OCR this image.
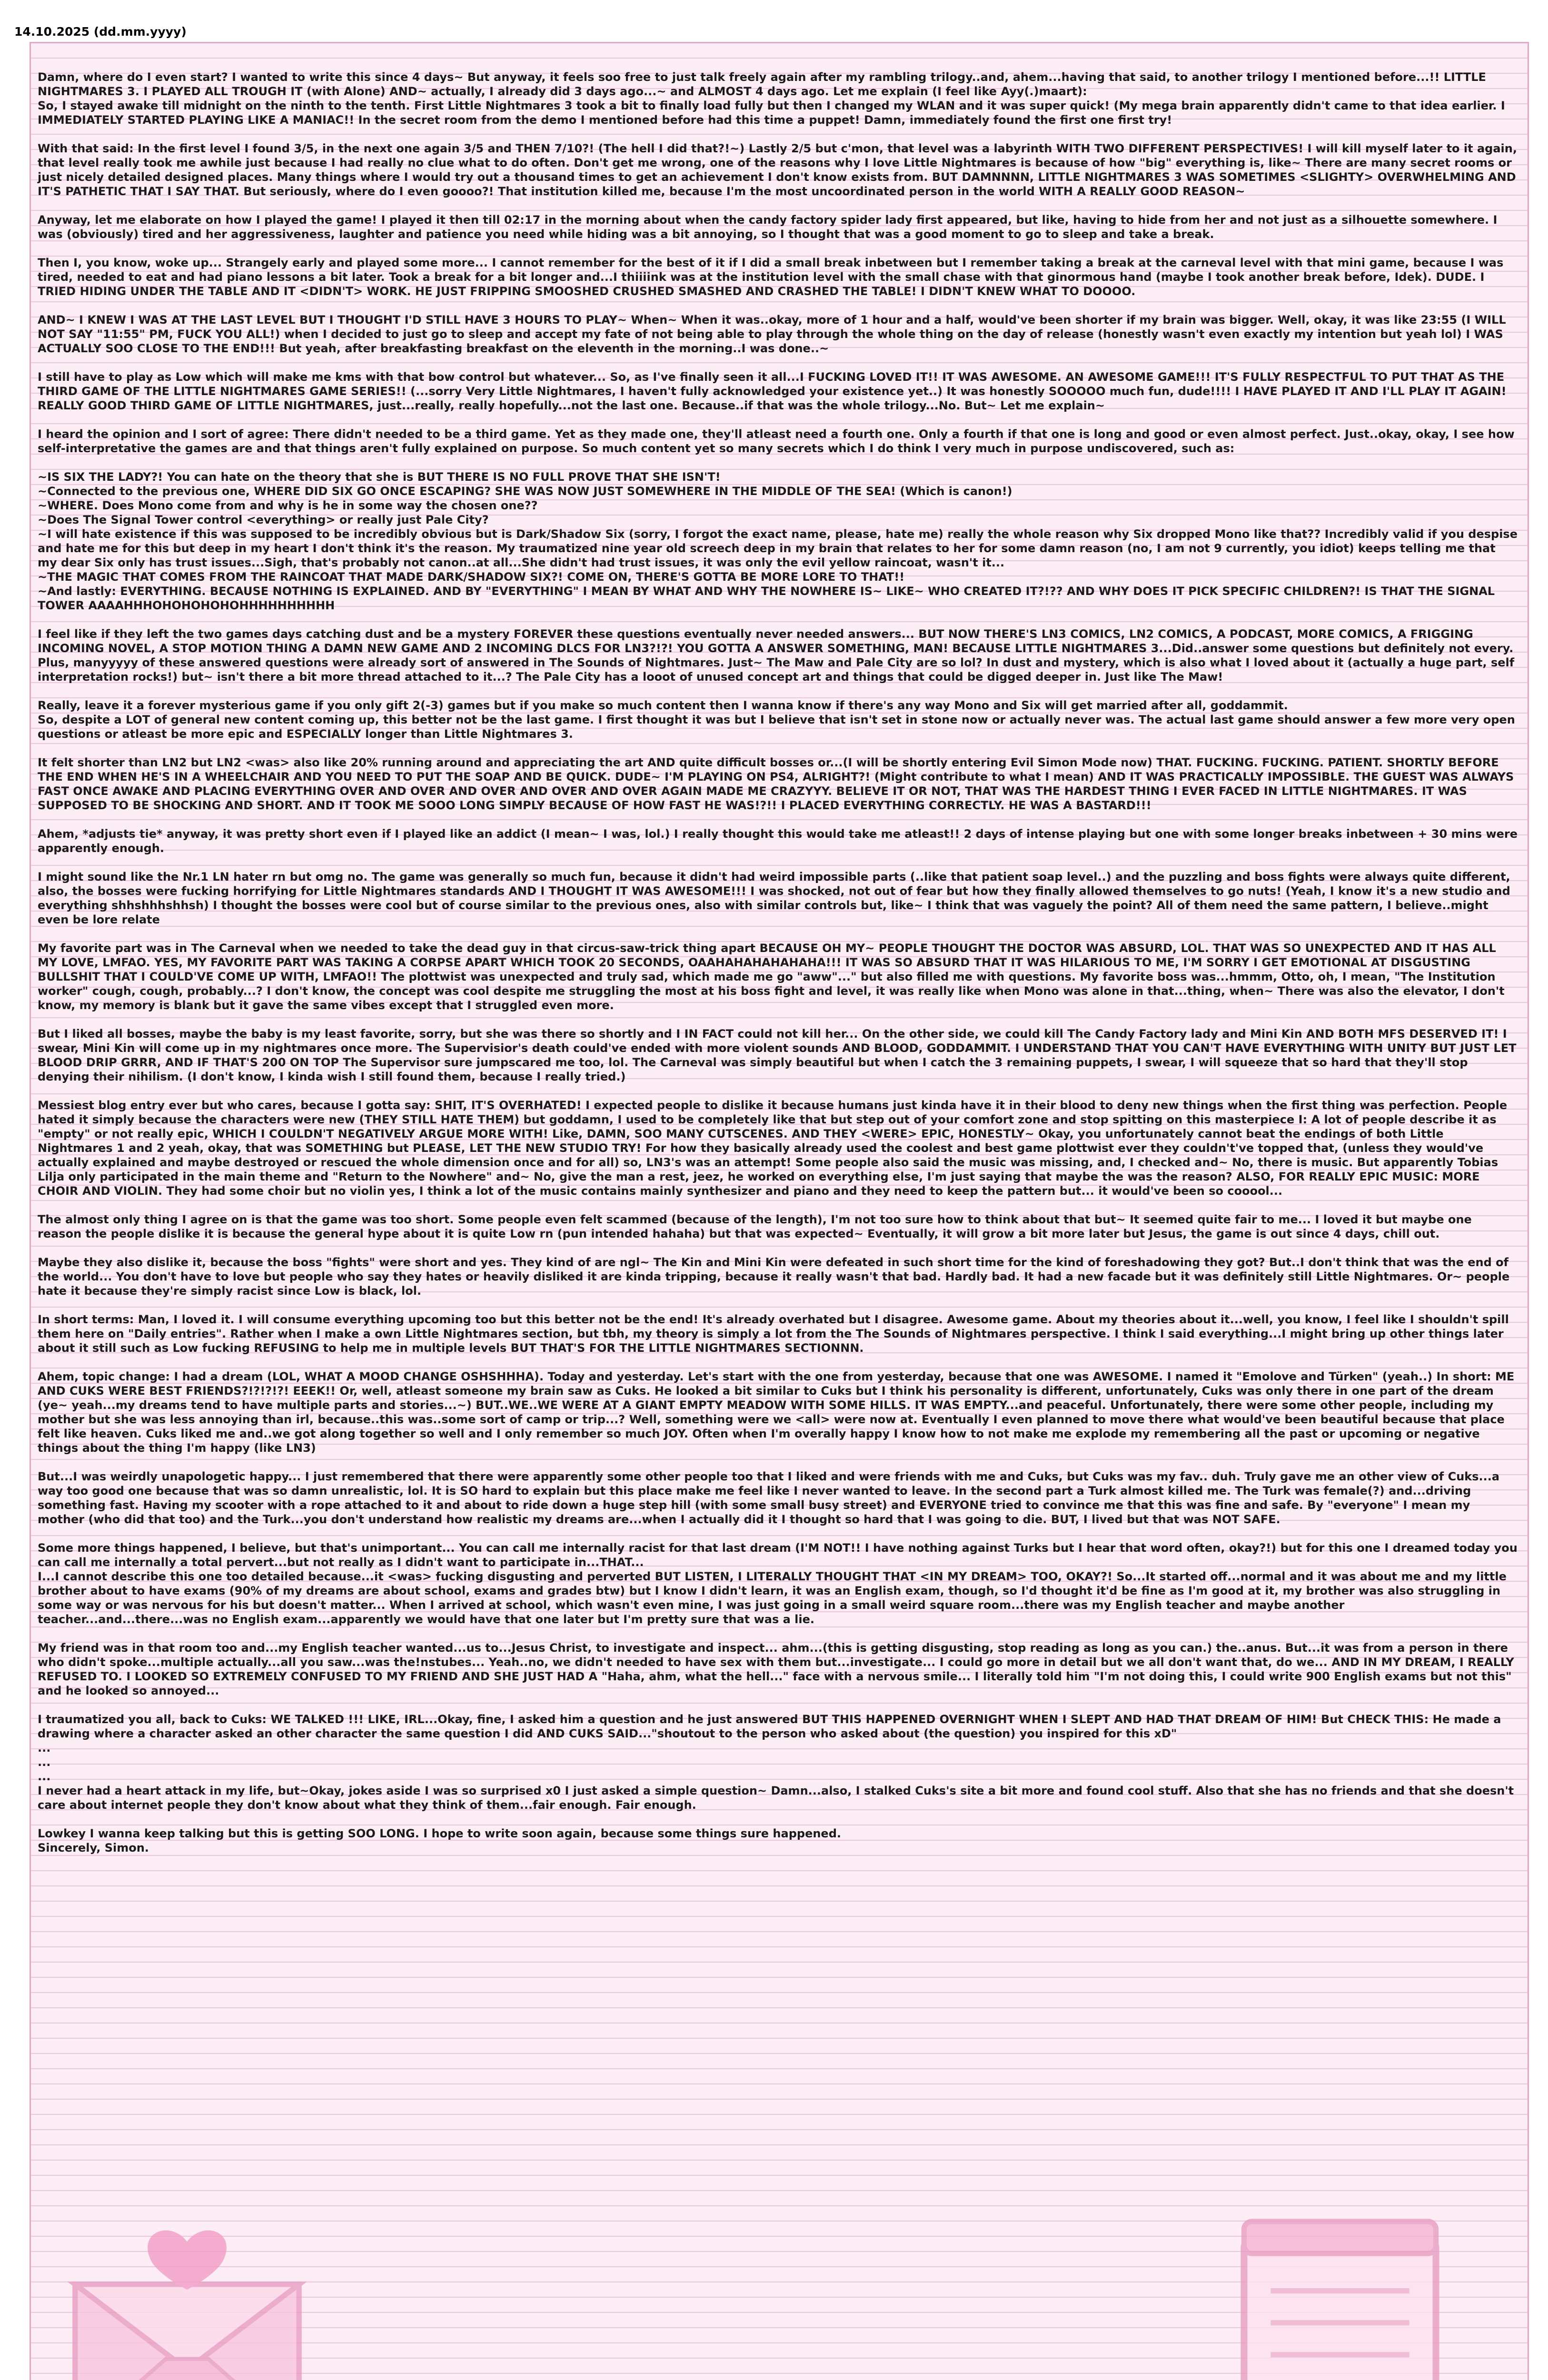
14.10.2025 (dd.mm.yyyy)

Damn, where do I even start? I wanted to write this since 4 days~ But anyway, it feels soo free to just talk freely again after my rambling trilogy..and, ahem...having that said, to another trilogy I mentioned before...!! LITTLE NIGHTMARES 3. I PLAYED ALL TROUGH IT (with Alone) AND~ actually, I already did 3 days ago...~ and ALMOST 4 days ago. Let me explain (I feel like Ayy(.)maart):
So, I stayed awake till midnight on the ninth to the tenth. First Little Nightmares 3 took a bit to finally load fully but then I changed my WLAN and it was super quick! (My mega brain apparently didn't came to that idea earlier. I IMMEDIATELY STARTED PLAYING LIKE A MANIAC!! In the secret room from the demo I mentioned before had this time a puppet! Damn, immediately found the first one first try!

With that said: In the first level I found 3/5, in the next one again 3/5 and THEN 7/10?! (The hell I did that?!~) Lastly 2/5 but c'mon, that level was a labyrinth WITH TWO DIFFERENT PERSPECTIVES! I will kill myself later to it again, that level really took me awhile just because I had really no clue what to do often. Don't get me wrong, one of the reasons why I love Little Nightmares is because of how "big" everything is, like~ There are many secret rooms or just nicely detailed designed places. Many things where I would try out a thousand times to get an achievement I don't know exists from. BUT DAMNNNN, LITTLE NIGHTMARES 3 WAS SOMETIMES <SLIGHTY> OVERWHELMING AND IT'S PATHETIC THAT I SAY THAT. But seriously, where do I even goooo?! That institution killed me, because I'm the most uncoordinated person in the world WITH A REALLY GOOD REASON~

Anyway, let me elaborate on how I played the game! I played it then till 02:17 in the morning about when the candy factory spider lady first appeared, but like, having to hide from her and not just as a silhouette somewhere. I was (obviously) tired and her aggressiveness, laughter and patience you need while hiding was a bit annoying, so I thought that was a good moment to go to sleep and take a break.

Then I, you know, woke up... Strangely early and played some more... I cannot remember for the best of it if I did a small break inbetween but I remember taking a break at the carneval level with that mini game, because I was tired, needed to eat and had piano lessons a bit later. Took a break for a bit longer and...I thiiiink was at the institution level with the small chase with that ginormous hand (maybe I took another break before, Idek). DUDE. I TRIED HIDING UNDER THE TABLE AND IT <DIDN'T> WORK. HE JUST FRIPPING SMOOSHED CRUSHED SMASHED AND CRASHED THE TABLE! I DIDN'T KNEW WHAT TO DOOOO.

AND~ I KNEW I WAS AT THE LAST LEVEL BUT I THOUGHT I'D STILL HAVE 3 HOURS TO PLAY~ When~ When it was..okay, more of 1 hour and a half, would've been shorter if my brain was bigger. Well, okay, it was like 23:55 (I WILL NOT SAY "11:55" PM, FUCK YOU ALL!) when I decided to just go to sleep and accept my fate of not being able to play through the whole thing on the day of release (honestly wasn't even exactly my intention but yeah lol) I WAS ACTUALLY SOO CLOSE TO THE END!!! But yeah, after breakfasting breakfast on the eleventh in the morning..I was done..~

I still have to play as Low which will make me kms with that bow control but whatever... So, as I've finally seen it all...I FUCKING LOVED IT!! IT WAS AWESOME. AN AWESOME GAME!!! IT'S FULLY RESPECTFUL TO PUT THAT AS THE THIRD GAME OF THE LITTLE NIGHTMARES GAME SERIES!! (...sorry Very Little Nightmares, I haven't fully acknowledged your existence yet..) It was honestly SOOOOO much fun, dude!!!! I HAVE PLAYED IT AND I'LL PLAY IT AGAIN! REALLY GOOD THIRD GAME OF LITTLE NIGHTMARES, just...really, really hopefully...not the last one. Because..if that was the whole trilogy...No. But~ Let me explain~

I heard the opinion and I sort of agree: There didn't needed to be a third game. Yet as they made one, they'll atleast need a fourth one. Only a fourth if that one is long and good or even almost perfect. Just..okay, okay, I see how self-interpretative the games are and that things aren't fully explained on purpose. So much content yet so many secrets which I do think I very much in purpose undiscovered, such as:

~IS SIX THE LADY?! You can hate on the theory that she is BUT THERE IS NO FULL PROVE THAT SHE ISN'T!
~Connected to the previous one, WHERE DID SIX GO ONCE ESCAPING? SHE WAS NOW JUST SOMEWHERE IN THE MIDDLE OF THE SEA! (Which is canon!)
~WHERE. Does Mono come from and why is he in some way the chosen one??
~Does The Signal Tower control <everything> or really just Pale City?
~I will hate existence if this was supposed to be incredibly obvious but is Dark/Shadow Six (sorry, I forgot the exact name, please, hate me) really the whole reason why Six dropped Mono like that?? Incredibly valid if you despise and hate me for this but deep in my heart I don't think it's the reason. My traumatized nine year old screech deep in my brain that relates to her for some damn reason (no, I am not 9 currently, you idiot) keeps telling me that my dear Six only has trust issues...Sigh, that's probably not canon..at all...She didn't had trust issues, it was only the evil yellow raincoat, wasn't it...
~THE MAGIC THAT COMES FROM THE RAINCOAT THAT MADE DARK/SHADOW SIX?! COME ON, THERE'S GOTTA BE MORE LORE TO THAT!!
~And lastly: EVERYTHING. BECAUSE NOTHING IS EXPLAINED. AND BY "EVERYTHING" I MEAN BY WHAT AND WHY THE NOWHERE IS~ LIKE~ WHO CREATED IT?!?? AND WHY DOES IT PICK SPECIFIC CHILDREN?! IS THAT THE SIGNAL TOWER AAAAHHHOHOHOHOHOHHHHHHHHHH

I feel like if they left the two games days catching dust and be a mystery FOREVER these questions eventually never needed answers... BUT NOW THERE'S LN3 COMICS, LN2 COMICS, A PODCAST, MORE COMICS, A FRIGGING INCOMING NOVEL, A STOP MOTION THING A DAMN NEW GAME AND 2 INCOMING DLCS FOR LN3?!?! YOU GOTTA A ANSWER SOMETHING, MAN! BECAUSE LITTLE NIGHTMARES 3...Did..answer some questions but definitely not every. Plus, manyyyyy of these answered questions were already sort of answered in The Sounds of Nightmares. Just~ The Maw and Pale City are so lol? In dust and mystery, which is also what I loved about it (actually a huge part, self interpretation rocks!) but~ isn't there a bit more thread attached to it...? The Pale City has a looot of unused concept art and things that could be digged deeper in. Just like The Maw!

Really, leave it a forever mysterious game if you only gift 2(-3) games but if you make so much content then I wanna know if there's any way Mono and Six will get married after all, goddammit.
So, despite a LOT of general new content coming up, this better not be the last game. I first thought it was but I believe that isn't set in stone now or actually never was. The actual last game should answer a few more very open questions or atleast be more epic and ESPECIALLY longer than Little Nightmares 3.

It felt shorter than LN2 but LN2 <was> also like 20% running around and appreciating the art AND quite difficult bosses or...(I will be shortly entering Evil Simon Mode now) THAT. FUCKING. FUCKING. PATIENT. SHORTLY BEFORE THE END WHEN HE'S IN A WHEELCHAIR AND YOU NEED TO PUT THE SOAP AND BE QUICK. DUDE~ I'M PLAYING ON PS4, ALRIGHT?! (Might contribute to what I mean) AND IT WAS PRACTICALLY IMPOSSIBLE. THE GUEST WAS ALWAYS FAST ONCE AWAKE AND PLACING EVERYTHING OVER AND OVER AND OVER AND OVER AND OVER AGAIN MADE ME CRAZYYY. BELIEVE IT OR NOT, THAT WAS THE HARDEST THING I EVER FACED IN LITTLE NIGHTMARES. IT WAS SUPPOSED TO BE SHOCKING AND SHORT. AND IT TOOK ME SOOO LONG SIMPLY BECAUSE OF HOW FAST HE WAS!?!! I PLACED EVERYTHING CORRECTLY. HE WAS A BASTARD!!!

Ahem, *adjusts tie* anyway, it was pretty short even if I played like an addict (I mean~ I was, lol.) I really thought this would take me atleast!! 2 days of intense playing but one with some longer breaks inbetween + 30 mins were apparently enough.

I might sound like the Nr.1 LN hater rn but omg no. The game was generally so much fun, because it didn't had weird impossible parts (..like that patient soap level..) and the puzzling and boss fights were always quite different, also, the bosses were fucking horrifying for Little Nightmares standards AND I THOUGHT IT WAS AWESOME!!! I was shocked, not out of fear but how they finally allowed themselves to go nuts! (Yeah, I know it's a new studio and everything shhshhhshhsh) I thought the bosses were cool but of course similar to the previous ones, also with similar controls but, like~ I think that was vaguely the point? All of them need the same pattern, I believe..might even be lore relate

My favorite part was in The Carneval when we needed to take the dead guy in that circus-saw-trick thing apart BECAUSE OH MY~ PEOPLE THOUGHT THE DOCTOR WAS ABSURD, LOL. THAT WAS SO UNEXPECTED AND IT HAS ALL MY LOVE, LMFAO. YES, MY FAVORITE PART WAS TAKING A CORPSE APART WHICH TOOK 20 SECONDS, OAAHAHAHAHAHAHA!!! IT WAS SO ABSURD THAT IT WAS HILARIOUS TO ME, I'M SORRY I GET EMOTIONAL AT DISGUSTING BULLSHIT THAT I COULD'VE COME UP WITH, LMFAO!! The plottwist was unexpected and truly sad, which made me go "aww"..." but also filled me with questions. My favorite boss was...hmmm, Otto, oh, I mean, "The Institution worker" cough, cough, probably...? I don't know, the concept was cool despite me struggling the most at his boss fight and level, it was really like when Mono was alone in that...thing, when~ There was also the elevator, I don't know, my memory is blank but it gave the same vibes except that I struggled even more.

But I liked all bosses, maybe the baby is my least favorite, sorry, but she was there so shortly and I IN FACT could not kill her... On the other side, we could kill The Candy Factory lady and Mini Kin AND BOTH MFS DESERVED IT! I swear, Mini Kin will come up in my nightmares once more. The Supervisior's death could've ended with more violent sounds AND BLOOD, GODDAMMIT. I UNDERSTAND THAT YOU CAN'T HAVE EVERYTHING WITH UNITY BUT JUST LET BLOOD DRIP GRRR, AND IF THAT'S 200 ON TOP The Supervisor sure jumpscared me too, lol. The Carneval was simply beautiful but when I catch the 3 remaining puppets, I swear, I will squeeze that so hard that they'll stop denying their nihilism. (I don't know, I kinda wish I still found them, because I really tried.)

Messiest blog entry ever but who cares, because I gotta say: SHIT, IT'S OVERHATED! I expected people to dislike it because humans just kinda have it in their blood to deny new things when the first thing was perfection. People hated it simply because the characters were new (THEY STILL HATE THEM) but goddamn, I used to be completely like that but step out of your comfort zone and stop spitting on this masterpiece I: A lot of people describe it as "empty" or not really epic, WHICH I COULDN'T NEGATIVELY ARGUE MORE WITH! Like, DAMN, SOO MANY CUTSCENES. AND THEY <WERE> EPIC, HONESTLY~ Okay, you unfortunately cannot beat the endings of both Little Nightmares 1 and 2 yeah, okay, that was SOMETHING but PLEASE, LET THE NEW STUDIO TRY! For how they basically already used the coolest and best game plottwist ever they couldn't've topped that, (unless they would've actually explained and maybe destroyed or rescued the whole dimension once and for all) so, LN3's was an attempt! Some people also said the music was missing, and, I checked and~ No, there is music. But apparently Tobias Lilja only participated in the main theme and "Return to the Nowhere" and~ No, give the man a rest, jeez, he worked on everything else, I'm just saying that maybe the was the reason? ALSO, FOR REALLY EPIC MUSIC: MORE CHOIR AND VIOLIN. They had some choir but no violin yes, I think a lot of the music contains mainly synthesizer and piano and they need to keep the pattern but... it would've been so cooool...

The almost only thing I agree on is that the game was too short. Some people even felt scammed (because of the length), I'm not too sure how to think about that but~ It seemed quite fair to me... I loved it but maybe one reason the people dislike it is because the general hype about it is quite Low rn (pun intended hahaha) but that was expected~ Eventually, it will grow a bit more later but Jesus, the game is out since 4 days, chill out.

Maybe they also dislike it, because the boss "fights" were short and yes. They kind of are ngl~ The Kin and Mini Kin were defeated in such short time for the kind of foreshadowing they got? But..I don't think that was the end of the world... You don't have to love but people who say they hates or heavily disliked it are kinda tripping, because it really wasn't that bad. Hardly bad. It had a new facade but it was definitely still Little Nightmares. Or~ people hate it because they're simply racist since Low is black, lol.

In short terms: Man, I loved it. I will consume everything upcoming too but this better not be the end! It's already overhated but I disagree. Awesome game. About my theories about it...well, you know, I feel like I shouldn't spill them here on "Daily entries". Rather when I make a own Little Nightmares section, but tbh, my theory is simply a lot from the The Sounds of Nightmares perspective. I think I said everything...I might bring up other things later about it still such as Low fucking REFUSING to help me in multiple levels BUT THAT'S FOR THE LITTLE NIGHTMARES SECTIONNN.

Ahem, topic change: I had a dream (LOL, WHAT A MOOD CHANGE OSHSHHHA). Today and yesterday. Let's start with the one from yesterday, because that one was AWESOME. I named it "Emolove and Türken" (yeah..) In short: ME AND CUKS WERE BEST FRIENDS?!?!?!?! EEEK!! Or, well, atleast someone my brain saw as Cuks. He looked a bit similar to Cuks but I think his personality is different, unfortunately, Cuks was only there in one part of the dream (ye~ yeah...my dreams tend to have multiple parts and stories...~) BUT..WE..WE WERE AT A GIANT EMPTY MEADOW WITH SOME HILLS. IT WAS EMPTY...and peaceful. Unfortunately, there were some other people, including my mother but she was less annoying than irl, because..this was..some sort of camp or trip...? Well, something were we <all> were now at. Eventually I even planned to move there what would've been beautiful because that place felt like heaven. Cuks liked me and..we got along together so well and I only remember so much JOY. Often when I'm overally happy I know how to not make me explode my remembering all the past or upcoming or negative things about the thing I'm happy (like LN3)

But...I was weirdly unapologetic happy... I just remembered that there were apparently some other people too that I liked and were friends with me and Cuks, but Cuks was my fav.. duh. Truly gave me an other view of Cuks...a way too good one because that was so damn unrealistic, lol. It is SO hard to explain but this place make me feel like I never wanted to leave. In the second part a Turk almost killed me. The Turk was female(?) and...driving something fast. Having my scooter with a rope attached to it and about to ride down a huge step hill (with some small busy street) and EVERYONE tried to convince me that this was fine and safe. By "everyone" I mean my mother (who did that too) and the Turk...you don't understand how realistic my dreams are...when I actually did it I thought so hard that I was going to die. BUT, I lived but that was NOT SAFE.

Some more things happened, I believe, but that's unimportant... You can call me internally racist for that last dream (I'M NOT!! I have nothing against Turks but I hear that word often, okay?!) but for this one I dreamed today you can call me internally a total pervert...but not really as I didn't want to participate in...THAT...
I...I cannot describe this one too detailed because...it <was> fucking disgusting and perverted BUT LISTEN, I LITERALLY THOUGHT THAT <IN MY DREAM> TOO, OKAY?! So...It started off...normal and it was about me and my little brother about to have exams (90% of my dreams are about school, exams and grades btw) but I know I didn't learn, it was an English exam, though, so I'd thought it'd be fine as I'm good at it, my brother was also struggling in some way or was nervous for his but doesn't matter... When I arrived at school, which wasn't even mine, I was just going in a small weird square room...there was my English teacher and maybe another teacher...and...there...was no English exam...apparently we would have that one later but I'm pretty sure that was a lie.

My friend was in that room too and...my English teacher wanted...us to...Jesus Christ, to investigate and inspect... ahm...(this is getting disgusting, stop reading as long as you can.) the..anus. But...it was from a person in there who didn't spoke...multiple actually...all you saw...was the!nstubes... Yeah..no, we didn't needed to have sex with them but...investigate... I could go more in detail but we all don't want that, do we... AND IN MY DREAM, I REALLY REFUSED TO. I LOOKED SO EXTREMELY CONFUSED TO MY FRIEND AND SHE JUST HAD A "Haha, ahm, what the hell..." face with a nervous smile... I literally told him "I'm not doing this, I could write 900 English exams but not this" and he looked so annoyed...

I traumatized you all, back to Cuks: WE TALKED !!! LIKE, IRL...Okay, fine, I asked him a question and he just answered BUT THIS HAPPENED OVERNIGHT WHEN I SLEPT AND HAD THAT DREAM OF HIM! But CHECK THIS: He made a drawing where a character asked an other character the same question I did AND CUKS SAID..."shoutout to the person who asked about (the question) you inspired for this xD"
...
...
...
I never had a heart attack in my life, but~Okay, jokes aside I was so surprised x0 I just asked a simple question~ Damn...also, I stalked Cuks's site a bit more and found cool stuff. Also that she has no friends and that she doesn't care about internet people they don't know about what they think of them...fair enough. Fair enough.

Lowkey I wanna keep talking but this is getting SOO LONG. I hope to write soon again, because some things sure happened.
Sincerely, Simon.
